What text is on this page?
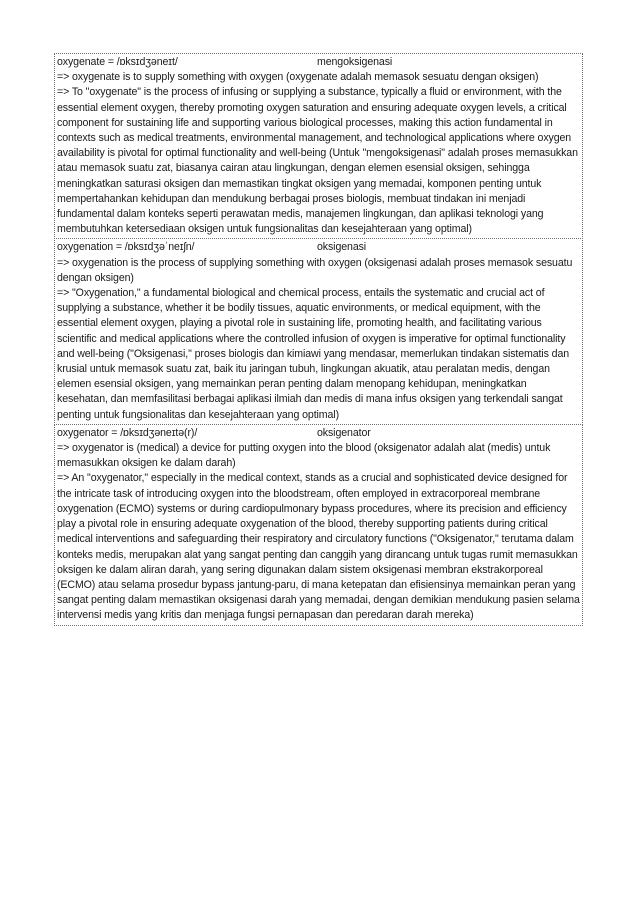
oxygenate = /ɒksɪdʒəneɪt/	mengoksigenasi

=> oxygenate is to supply something with oxygen (oxygenate adalah memasok sesuatu dengan oksigen)

=> To "oxygenate" is the process of infusing or supplying a substance, typically a fluid or environment, with the essential element oxygen, thereby promoting oxygen saturation and ensuring adequate oxygen levels, a critical component for sustaining life and supporting various biological processes, making this action fundamental in contexts such as medical treatments, environmental management, and technological applications where oxygen availability is pivotal for optimal functionality and well-being (Untuk "mengoksigenasi" adalah proses memasukkan atau memasok suatu zat, biasanya cairan atau lingkungan, dengan elemen esensial oksigen, sehingga meningkatkan saturasi oksigen dan memastikan tingkat oksigen yang memadai, komponen penting untuk mempertahankan kehidupan dan mendukung berbagai proses biologis, membuat tindakan ini menjadi fundamental dalam konteks seperti perawatan medis, manajemen lingkungan, dan aplikasi teknologi yang membutuhkan ketersediaan oksigen untuk fungsionalitas dan kesejahteraan yang optimal)

oxygenation = /ɒksɪdʒəˈneɪʃn/	oksigenasi

=> oxygenation is the process of supplying something with oxygen (oksigenasi adalah proses memasok sesuatu dengan oksigen)

=> "Oxygenation," a fundamental biological and chemical process, entails the systematic and crucial act of supplying a substance, whether it be bodily tissues, aquatic environments, or medical equipment, with the essential element oxygen, playing a pivotal role in sustaining life, promoting health, and facilitating various scientific and medical applications where the controlled infusion of oxygen is imperative for optimal functionality and well-being ("Oksigenasi," proses biologis dan kimiawi yang mendasar, memerlukan tindakan sistematis dan krusial untuk memasok suatu zat, baik itu jaringan tubuh, lingkungan akuatik, atau peralatan medis, dengan elemen esensial oksigen, yang memainkan peran penting dalam menopang kehidupan, meningkatkan kesehatan, dan memfasilitasi berbagai aplikasi ilmiah dan medis di mana infus oksigen yang terkendali sangat penting untuk fungsionalitas dan kesejahteraan yang optimal)

oxygenator = /ɒksɪdʒəneɪtə(r)/	oksigenator

=> oxygenator is (medical) a device for putting oxygen into the blood (oksigenator adalah alat (medis) untuk memasukkan oksigen ke dalam darah)

=> An "oxygenator," especially in the medical context, stands as a crucial and sophisticated device designed for the intricate task of introducing oxygen into the bloodstream, often employed in extracorporeal membrane oxygenation (ECMO) systems or during cardiopulmonary bypass procedures, where its precision and efficiency play a pivotal role in ensuring adequate oxygenation of the blood, thereby supporting patients during critical medical interventions and safeguarding their respiratory and circulatory functions ("Oksigenator," terutama dalam konteks medis, merupakan alat yang sangat penting dan canggih yang dirancang untuk tugas rumit memasukkan oksigen ke dalam aliran darah, yang sering digunakan dalam sistem oksigenasi membran ekstrakorporeal (ECMO) atau selama prosedur bypass jantung-paru, di mana ketepatan dan efisiensinya memainkan peran yang sangat penting dalam memastikan oksigenasi darah yang memadai, dengan demikian mendukung pasien selama intervensi medis yang kritis dan menjaga fungsi pernapasan dan peredaran darah mereka)
